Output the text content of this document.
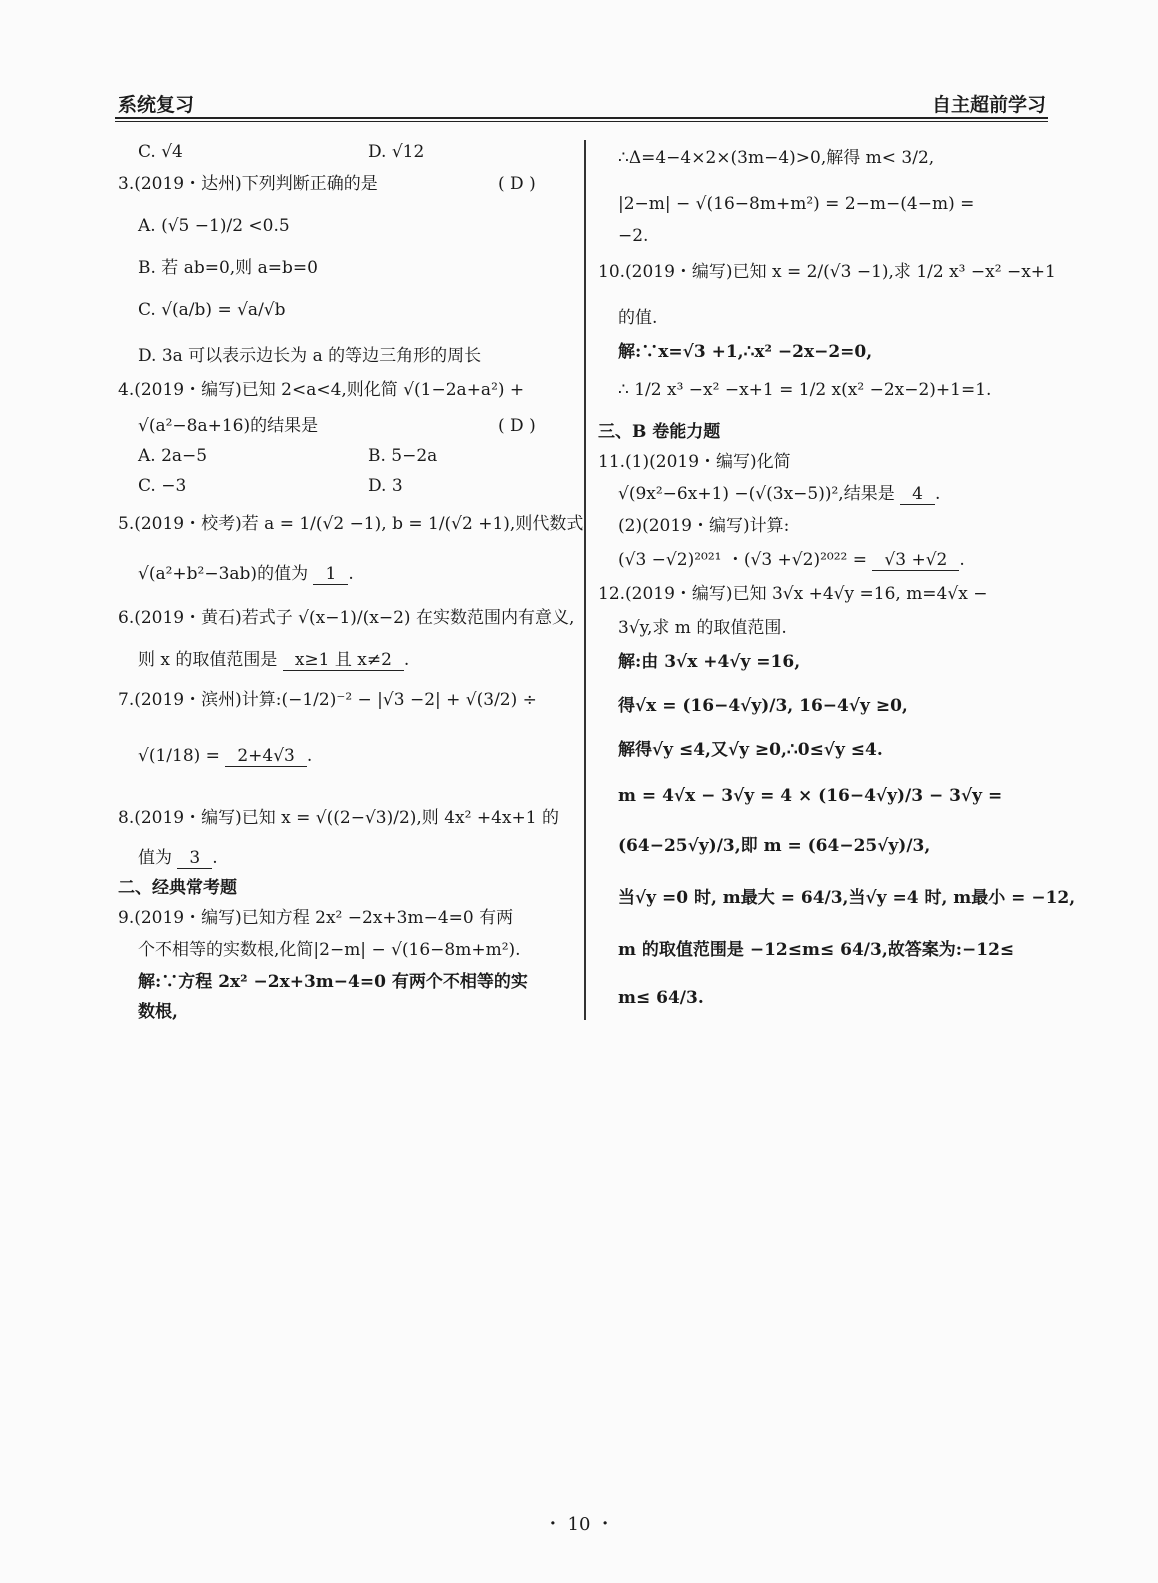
系统复习	自主超前学习
C. √4	D. √12
3.(2019・达州)下列判断正确的是	( D )
A. (√5 −1)/2 <0.5
B. 若 ab=0,则 a=b=0
C. √(a/b) = √a/√b
D. 3a 可以表示边长为 a 的等边三角形的周长
4.(2019・编写)已知 2<a<4,则化简 √(1−2a+a²) +
√(a²−8a+16)的结果是	( D )
A. 2a−5	B. 5−2a
C. −3	D. 3
5.(2019・校考)若 a = 1/(√2 −1), b = 1/(√2 +1),则代数式
√(a²+b²−3ab)的值为 1 .
6.(2019・黄石)若式子 √(x−1)/(x−2) 在实数范围内有意义,
则 x 的取值范围是 x≥1 且 x≠2 .
7.(2019・滨州)计算:(−1/2)⁻² − |√3 −2| + √(3/2) ÷
√(1/18) = 2+4√3 .
8.(2019・编写)已知 x = √((2−√3)/2),则 4x² +4x+1 的
值为 3 .
二、经典常考题
9.(2019・编写)已知方程 2x² −2x+3m−4=0 有两
个不相等的实数根,化简|2−m| − √(16−8m+m²).
解:∵方程 2x² −2x+3m−4=0 有两个不相等的实
数根,
∴Δ=4−4×2×(3m−4)>0,解得 m< 3/2,
|2−m| − √(16−8m+m²) = 2−m−(4−m) =
−2.
10.(2019・编写)已知 x = 2/(√3 −1),求 1/2 x³ −x² −x+1
的值.
解:∵x=√3 +1,∴x² −2x−2=0,
∴ 1/2 x³ −x² −x+1 = 1/2 x(x² −2x−2)+1=1.
三、B 卷能力题
11.(1)(2019・编写)化简
√(9x²−6x+1) −(√(3x−5))²,结果是 4 .
(2)(2019・编写)计算:
(√3 −√2)²⁰²¹ ・(√3 +√2)²⁰²² = √3 +√2 .
12.(2019・编写)已知 3√x +4√y =16, m=4√x −
3√y,求 m 的取值范围.
解:由 3√x +4√y =16,
得√x = (16−4√y)/3, 16−4√y ≥0,
解得√y ≤4,又√y ≥0,∴0≤√y ≤4.
m = 4√x − 3√y = 4 × (16−4√y)/3 − 3√y =
(64−25√y)/3,即 m = (64−25√y)/3,
当√y =0 时, m最大 = 64/3,当√y =4 时, m最小 = −12,
m 的取值范围是 −12≤m≤ 64/3,故答案为:−12≤
m≤ 64/3.
・ 10 ・
